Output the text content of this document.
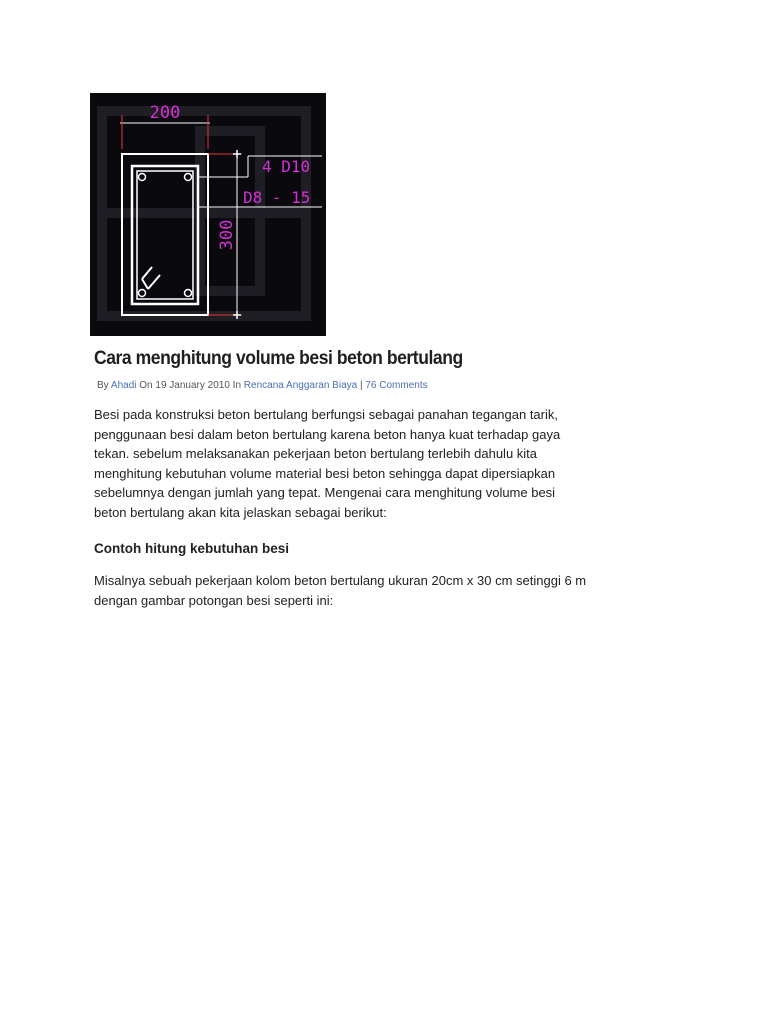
200
300
4 D10
D8 - 15
Cara menghitung volume besi beton bertulang
By Ahadi On 19 January 2010 In Rencana Anggaran Biaya | 76 Comments
Besi pada konstruksi beton bertulang berfungsi sebagai panahan tegangan tarik,
penggunaan besi dalam beton bertulang karena beton hanya kuat terhadap gaya
tekan. sebelum melaksanakan pekerjaan beton bertulang terlebih dahulu kita
menghitung kebutuhan volume material besi beton sehingga dapat dipersiapkan
sebelumnya dengan jumlah yang tepat. Mengenai cara menghitung volume besi
beton bertulang akan kita jelaskan sebagai berikut:
Contoh hitung kebutuhan besi
Misalnya sebuah pekerjaan kolom beton bertulang ukuran 20cm x 30 cm setinggi 6 m
dengan gambar potongan besi seperti ini:
